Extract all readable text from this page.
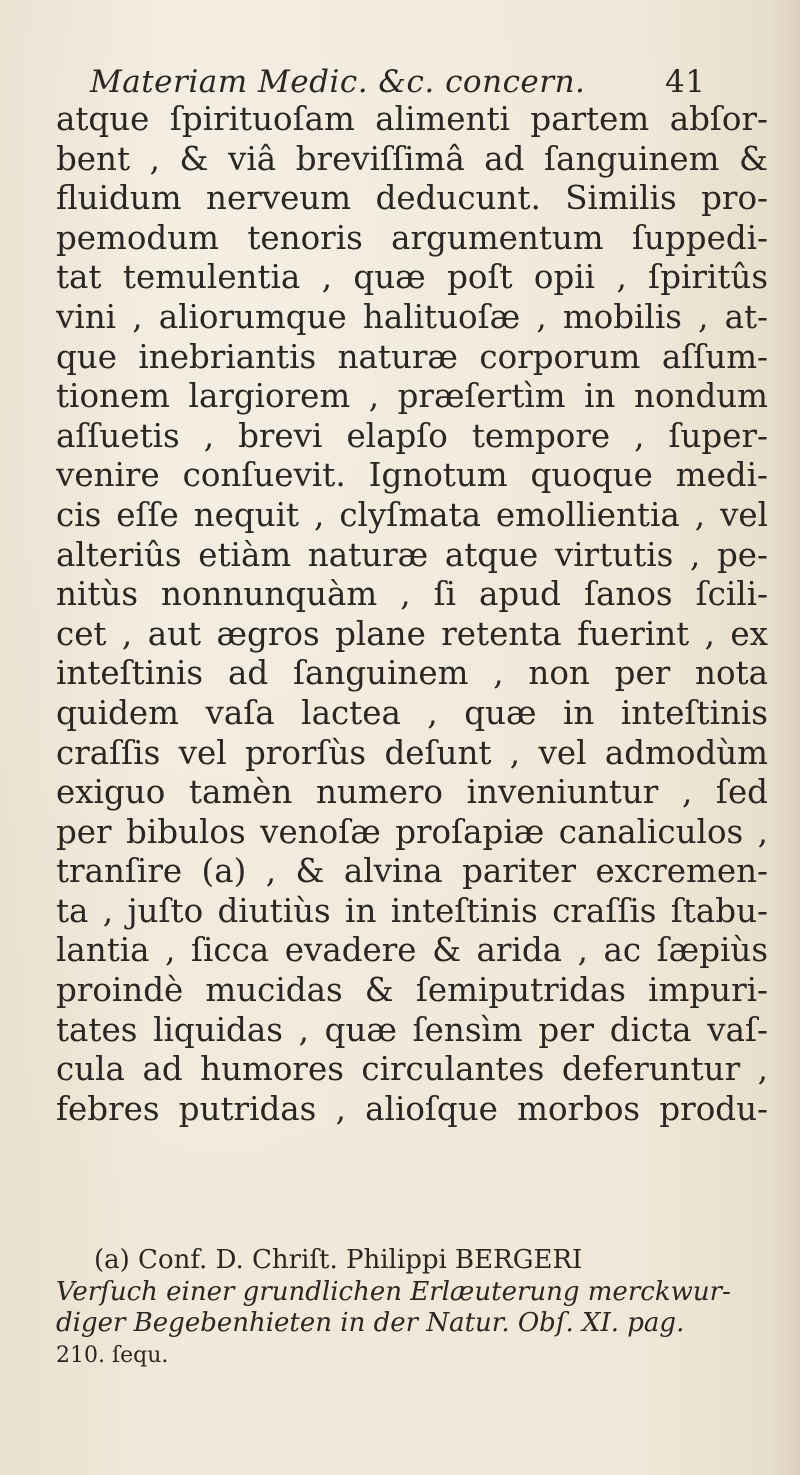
Materiam Medic. &c. concern.	41
atque ſpirituoſam alimenti partem abſor-
bent , & viâ breviſſimâ ad ſanguinem &
fluidum nerveum deducunt. Similis pro-
pemodum tenoris argumentum ſuppedi-
tat temulentia , quæ poſt opii , ſpiritûs
vini , aliorumque halituoſæ , mobilis , at-
que inebriantis naturæ corporum aſſum-
tionem largiorem , præſertìm in nondum
aſſuetis , brevi elapſo tempore , ſuper-
venire conſuevit. Ignotum quoque medi-
cis eſſe nequit , clyſmata emollientia , vel
alteriûs etiàm naturæ atque virtutis , pe-
nitùs nonnunquàm , ſi apud ſanos ſcili-
cet , aut ægros plane retenta fuerint , ex
inteſtinis ad ſanguinem , non per nota
quidem vaſa lactea , quæ in inteſtinis
craſſis vel prorſùs deſunt , vel admodùm
exiguo tamèn numero inveniuntur , ſed
per bibulos venoſæ proſapiæ canaliculos ,
tranſire (a) , & alvina pariter excremen-
ta , juſto diutiùs in inteſtinis craſſis ſtabu-
lantia , ſicca evadere & arida , ac ſæpiùs
proindè mucidas & ſemiputridas impuri-
tates liquidas , quæ ſensìm per dicta vaſ-
cula ad humores circulantes deferuntur ,
febres putridas , alioſque morbos produ-
(a) Conf. D. Chriſt. Philippi BERGERI
Verſuch einer grundlichen Erlæuterung merckwur-
diger Begebenhieten in der Natur. Obſ. XI. pag.
210. ſequ.
